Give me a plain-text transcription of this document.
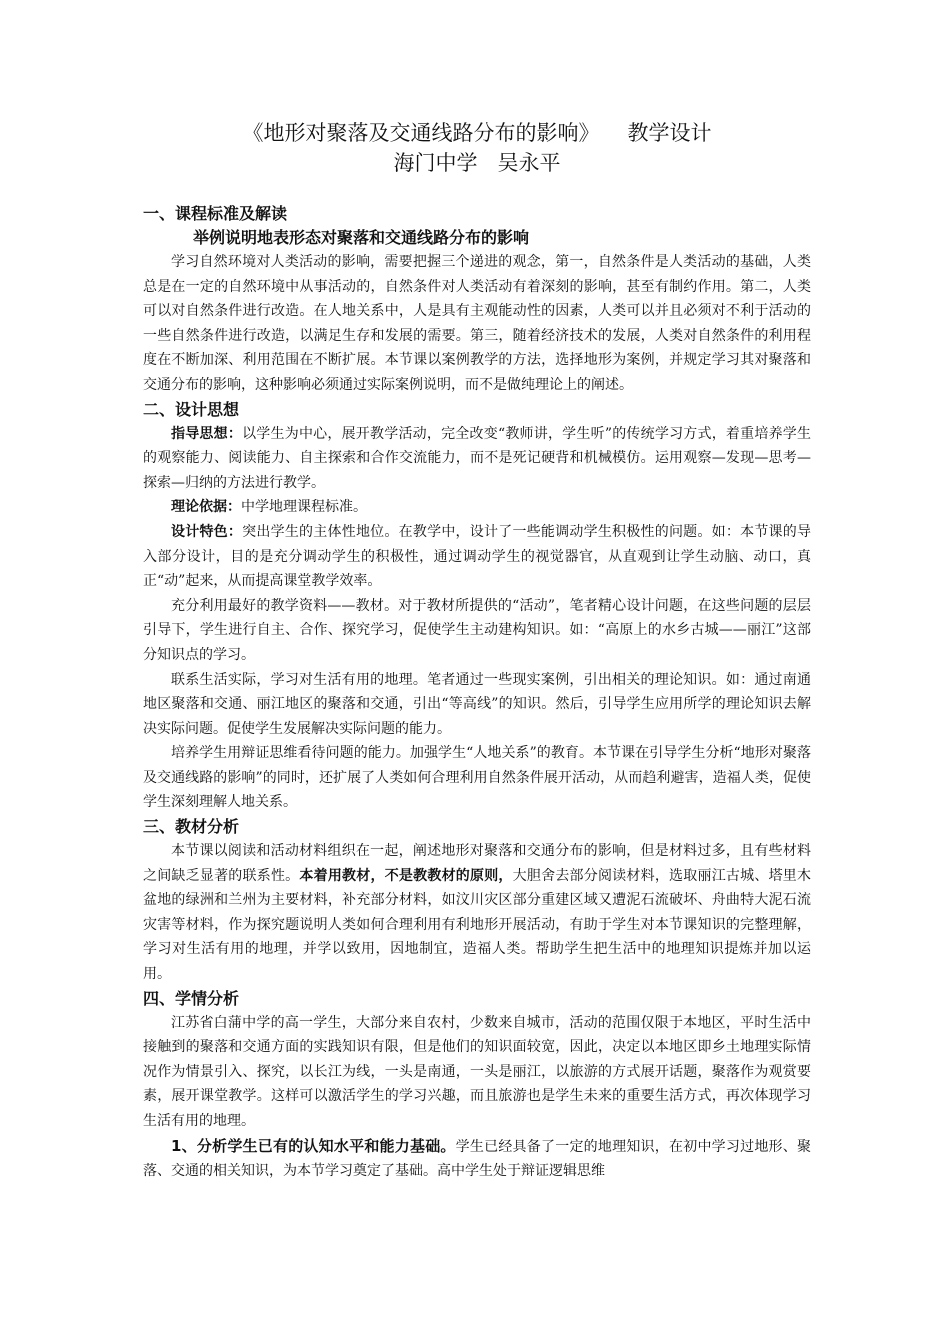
《地形对聚落及交通线路分布的影响》 教学设计
海门中学 吴永平
一、课程标准及解读
举例说明地表形态对聚落和交通线路分布的影响

学习自然环境对人类活动的影响，需要把握三个递进的观念，第一，自然条件是人类活动的基础，人类总是在一定的自然环境中从事活动的，自然条件对人类活动有着深刻的影响，甚至有制约作用。第二，人类可以对自然条件进行改造。在人地关系中，人是具有主观能动性的因素，人类可以并且必须对不利于活动的一些自然条件进行改造，以满足生存和发展的需要。第三，随着经济技术的发展，人类对自然条件的利用程度在不断加深、利用范围在不断扩展。本节课以案例教学的方法，选择地形为案例，并规定学习其对聚落和交通分布的影响，这种影响必须通过实际案例说明，而不是做纯理论上的阐述。

二、设计思想

指导思想：以学生为中心，展开教学活动，完全改变“教师讲，学生听”的传统学习方式，着重培养学生的观察能力、阅读能力、自主探索和合作交流能力，而不是死记硬背和机械模仿。运用观察—发现—思考—探索—归纳的方法进行教学。

理论依据：中学地理课程标准。

设计特色：突出学生的主体性地位。在教学中，设计了一些能调动学生积极性的问题。如：本节课的导入部分设计，目的是充分调动学生的积极性，通过调动学生的视觉器官，从直观到让学生动脑、动口，真正“动”起来，从而提高课堂教学效率。

充分利用最好的教学资料——教材。对于教材所提供的“活动”，笔者精心设计问题，在这些问题的层层引导下，学生进行自主、合作、探究学习，促使学生主动建构知识。如：“高原上的水乡古城——丽江”这部分知识点的学习。

联系生活实际，学习对生活有用的地理。笔者通过一些现实案例，引出相关的理论知识。如：通过南通地区聚落和交通、丽江地区的聚落和交通，引出“等高线”的知识。然后，引导学生应用所学的理论知识去解决实际问题。促使学生发展解决实际问题的能力。

培养学生用辩证思维看待问题的能力。加强学生“人地关系”的教育。本节课在引导学生分析“地形对聚落及交通线路的影响”的同时，还扩展了人类如何合理利用自然条件展开活动，从而趋利避害，造福人类，促使学生深刻理解人地关系。

三、教材分析

本节课以阅读和活动材料组织在一起，阐述地形对聚落和交通分布的影响，但是材料过多，且有些材料之间缺乏显著的联系性。本着用教材，不是教教材的原则，大胆舍去部分阅读材料，选取丽江古城、塔里木盆地的绿洲和兰州为主要材料，补充部分材料，如汶川灾区部分重建区域又遭泥石流破坏、舟曲特大泥石流灾害等材料，作为探究题说明人类如何合理利用有利地形开展活动，有助于学生对本节课知识的完整理解，学习对生活有用的地理，并学以致用，因地制宜，造福人类。帮助学生把生活中的地理知识提炼并加以运用。

四、学情分析

江苏省白蒲中学的高一学生，大部分来自农村，少数来自城市，活动的范围仅限于本地区，平时生活中接触到的聚落和交通方面的实践知识有限，但是他们的知识面较宽，因此，决定以本地区即乡土地理实际情况作为情景引入、探究，以长江为线，一头是南通，一头是丽江，以旅游的方式展开话题，聚落作为观赏要素，展开课堂教学。这样可以激活学生的学习兴趣，而且旅游也是学生未来的重要生活方式，再次体现学习生活有用的地理。

1、分析学生已有的认知水平和能力基础。学生已经具备了一定的地理知识，在初中学习过地形、聚落、交通的相关知识，为本节学习奠定了基础。高中学生处于辩证逻辑思维
